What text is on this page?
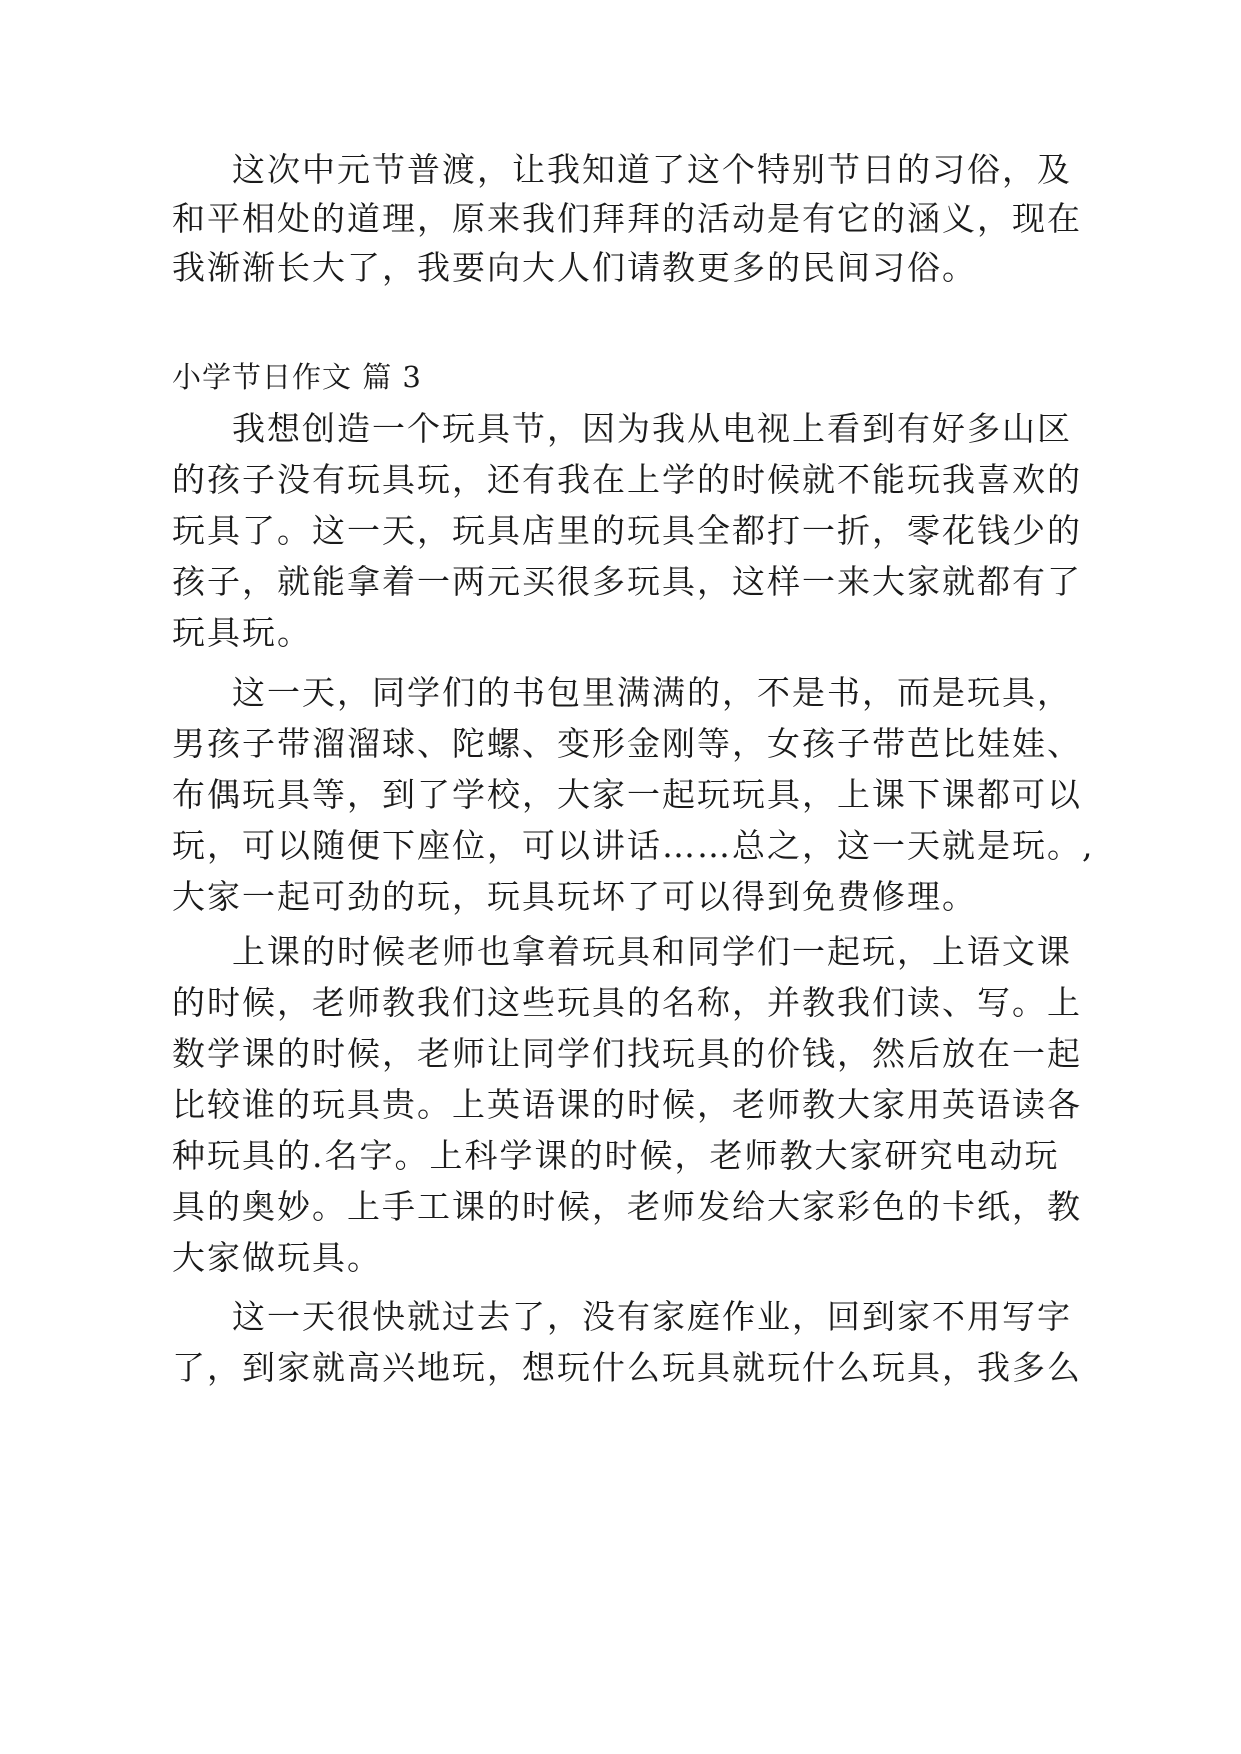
这次中元节普渡，让我知道了这个特别节日的习俗，及
和平相处的道理，原来我们拜拜的活动是有它的涵义，现在
我渐渐长大了，我要向大人们请教更多的民间习俗。
小学节日作文 篇 3
我想创造一个玩具节，因为我从电视上看到有好多山区
的孩子没有玩具玩，还有我在上学的时候就不能玩我喜欢的
玩具了。这一天，玩具店里的玩具全都打一折，零花钱少的
孩子，就能拿着一两元买很多玩具，这样一来大家就都有了
玩具玩。
这一天，同学们的书包里满满的，不是书，而是玩具，
男孩子带溜溜球、陀螺、变形金刚等，女孩子带芭比娃娃、
布偶玩具等，到了学校，大家一起玩玩具，上课下课都可以
玩，可以随便下座位，可以讲话……总之，这一天就是玩。,
大家一起可劲的玩，玩具玩坏了可以得到免费修理。
上课的时候老师也拿着玩具和同学们一起玩，上语文课
的时候，老师教我们这些玩具的名称，并教我们读、写。上
数学课的时候，老师让同学们找玩具的价钱，然后放在一起
比较谁的玩具贵。上英语课的时候，老师教大家用英语读各
种玩具的.名字。上科学课的时候，老师教大家研究电动玩
具的奥妙。上手工课的时候，老师发给大家彩色的卡纸，教
大家做玩具。
这一天很快就过去了，没有家庭作业，回到家不用写字
了，到家就高兴地玩，想玩什么玩具就玩什么玩具，我多么
